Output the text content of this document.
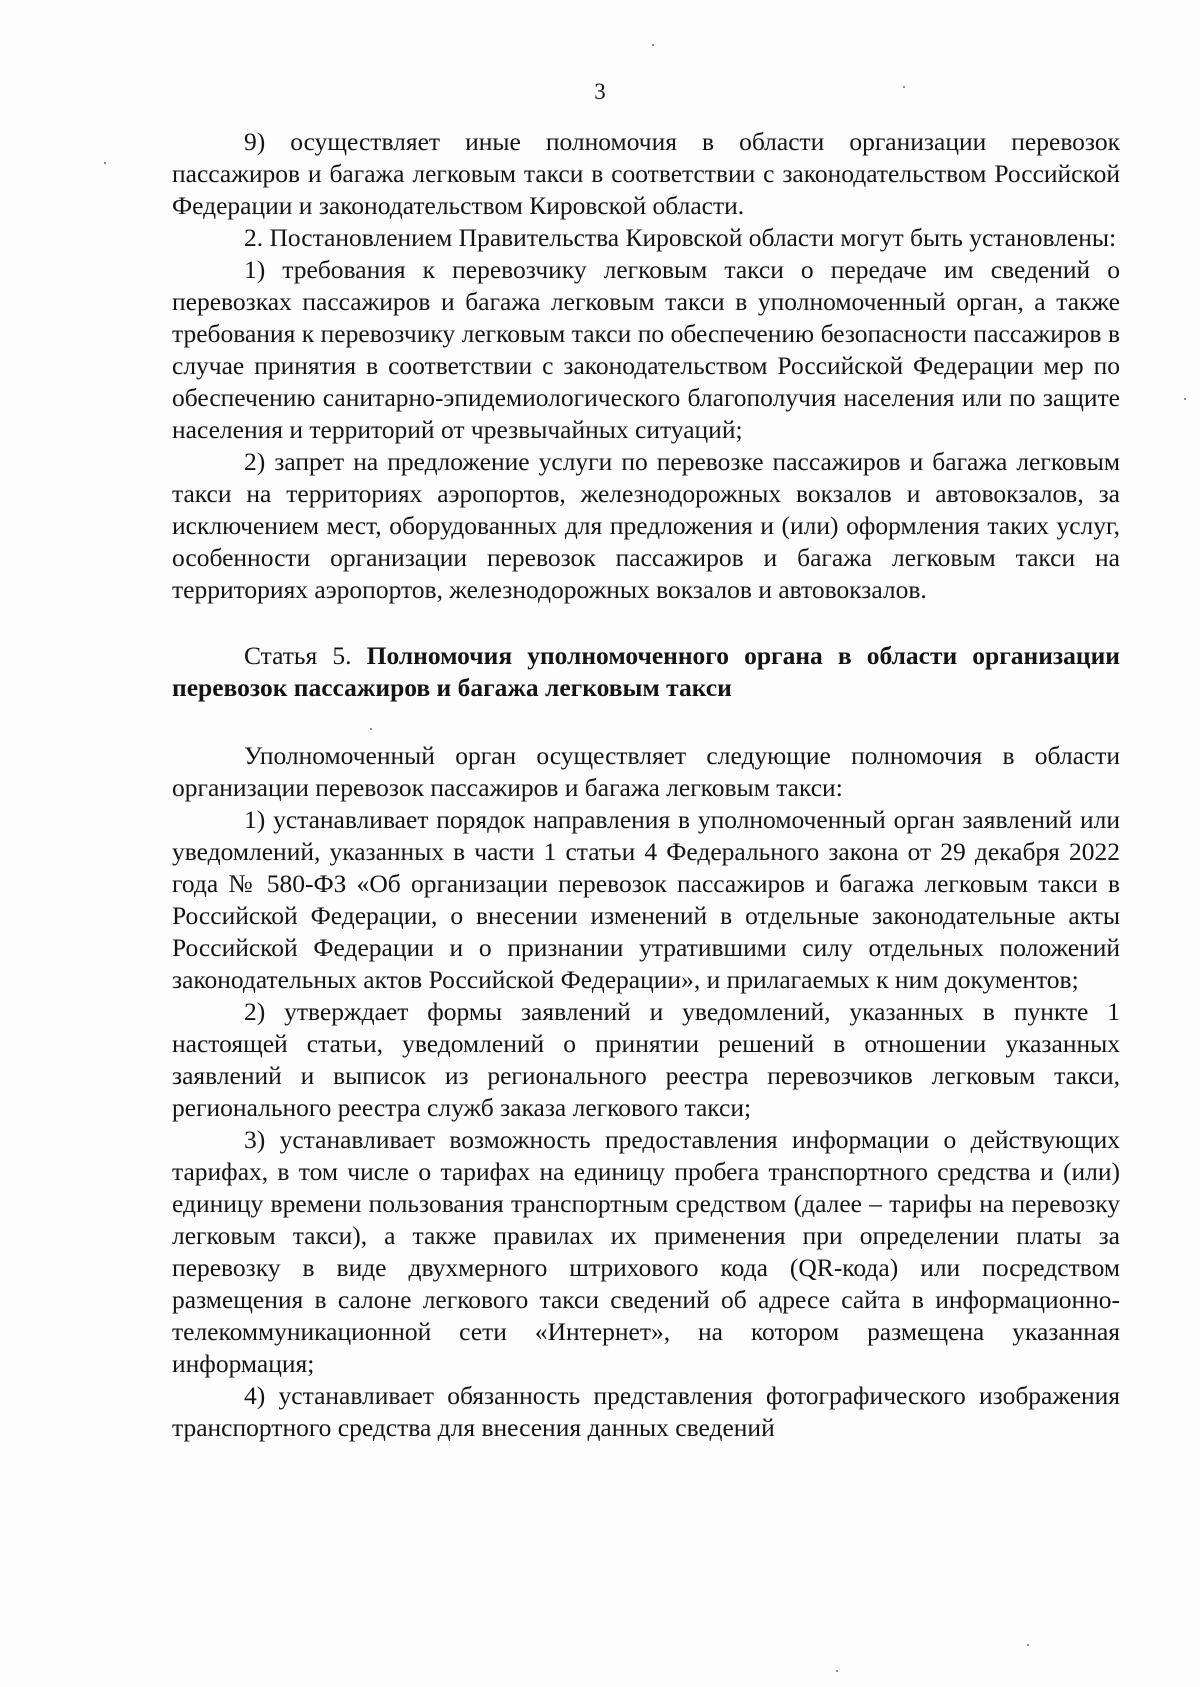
3

9) осуществляет иные полномочия в области организации перевозок пассажиров и багажа легковым такси в соответствии с законодательством Российской Федерации и законодательством Кировской области.

2. Постановлением Правительства Кировской области могут быть установлены:

1) требования к перевозчику легковым такси о передаче им сведений о перевозках пассажиров и багажа легковым такси в уполномоченный орган, а также требования к перевозчику легковым такси по обеспечению безопасности пассажиров в случае принятия в соответствии с законодательством Российской Федерации мер по обеспечению санитарно-эпидемиологического благополучия населения или по защите населения и территорий от чрезвычайных ситуаций;

2) запрет на предложение услуги по перевозке пассажиров и багажа легковым такси на территориях аэропортов, железнодорожных вокзалов и автовокзалов, за исключением мест, оборудованных для предложения и (или) оформления таких услуг, особенности организации перевозок пассажиров и багажа легковым такси на территориях аэропортов, железнодорожных вокзалов и автовокзалов.

Статья 5. Полномочия уполномоченного органа в области организации перевозок пассажиров и багажа легковым такси

Уполномоченный орган осуществляет следующие полномочия в области организации перевозок пассажиров и багажа легковым такси:

1) устанавливает порядок направления в уполномоченный орган заявлений или уведомлений, указанных в части 1 статьи 4 Федерального закона от 29 декабря 2022 года № 580-ФЗ «Об организации перевозок пассажиров и багажа легковым такси в Российской Федерации, о внесении изменений в отдельные законодательные акты Российской Федерации и о признании утратившими силу отдельных положений законодательных актов Российской Федерации», и прилагаемых к ним документов;

2) утверждает формы заявлений и уведомлений, указанных в пункте 1 настоящей статьи, уведомлений о принятии решений в отношении указанных заявлений и выписок из регионального реестра перевозчиков легковым такси, регионального реестра служб заказа легкового такси;

3) устанавливает возможность предоставления информации о действующих тарифах, в том числе о тарифах на единицу пробега транспортного средства и (или) единицу времени пользования транспортным средством (далее – тарифы на перевозку легковым такси), а также правилах их применения при определении платы за перевозку в виде двухмерного штрихового кода (QR-кода) или посредством размещения в салоне легкового такси сведений об адресе сайта в информационно-телекоммуникационной сети «Интернет», на котором размещена указанная информация;

4) устанавливает обязанность представления фотографического изображения транспортного средства для внесения данных сведений
